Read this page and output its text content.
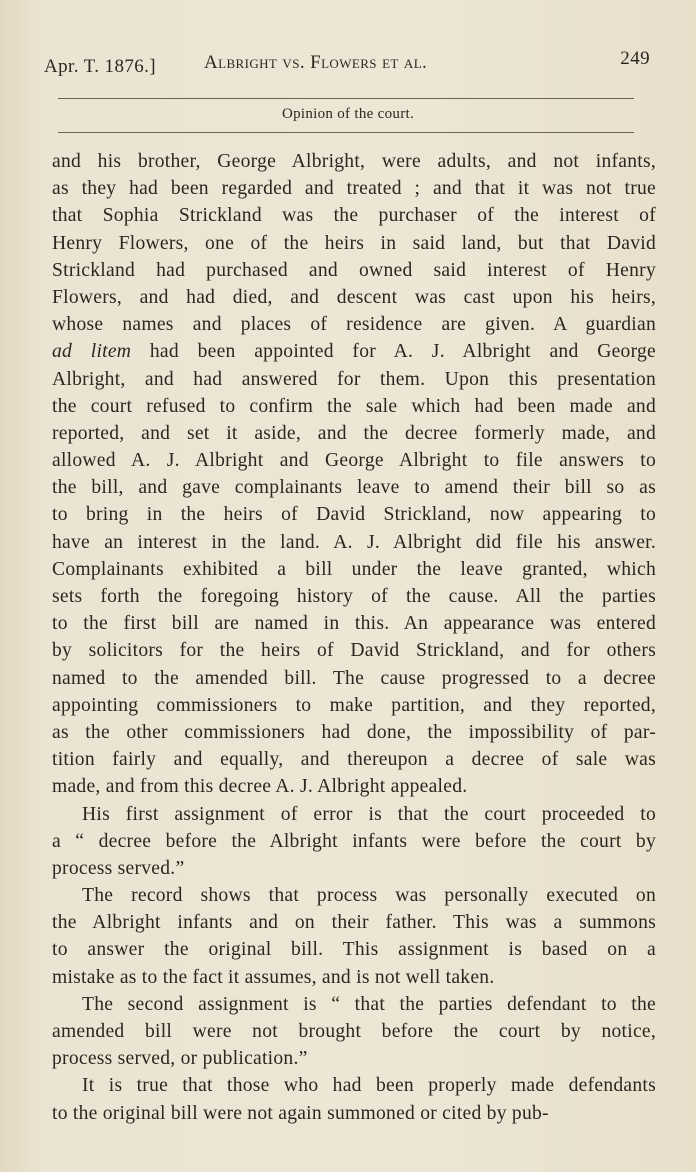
Apr. T. 1876.]	Albright vs. Flowers et al.	249
Opinion of the court.
and his brother, George Albright, were adults, and not infants,
as they had been regarded and treated ; and that it was not true
that Sophia Strickland was the purchaser of the interest of
Henry Flowers, one of the heirs in said land, but that David
Strickland had purchased and owned said interest of Henry
Flowers, and had died, and descent was cast upon his heirs,
whose names and places of residence are given. A guardian
ad litem had been appointed for A. J. Albright and George
Albright, and had answered for them. Upon this presentation
the court refused to confirm the sale which had been made and
reported, and set it aside, and the decree formerly made, and
allowed A. J. Albright and George Albright to file answers to
the bill, and gave complainants leave to amend their bill so as
to bring in the heirs of David Strickland, now appearing to
have an interest in the land. A. J. Albright did file his answer.
Complainants exhibited a bill under the leave granted, which
sets forth the foregoing history of the cause. All the parties
to the first bill are named in this. An appearance was entered
by solicitors for the heirs of David Strickland, and for others
named to the amended bill. The cause progressed to a decree
appointing commissioners to make partition, and they reported,
as the other commissioners had done, the impossibility of par-
tition fairly and equally, and thereupon a decree of sale was
made, and from this decree A. J. Albright appealed.
His first assignment of error is that the court proceeded to
a “ decree before the Albright infants were before the court by
process served.”
The record shows that process was personally executed on
the Albright infants and on their father. This was a summons
to answer the original bill. This assignment is based on a
mistake as to the fact it assumes, and is not well taken.
The second assignment is “ that the parties defendant to the
amended bill were not brought before the court by notice,
process served, or publication.”
It is true that those who had been properly made defendants
to the original bill were not again summoned or cited by pub-
